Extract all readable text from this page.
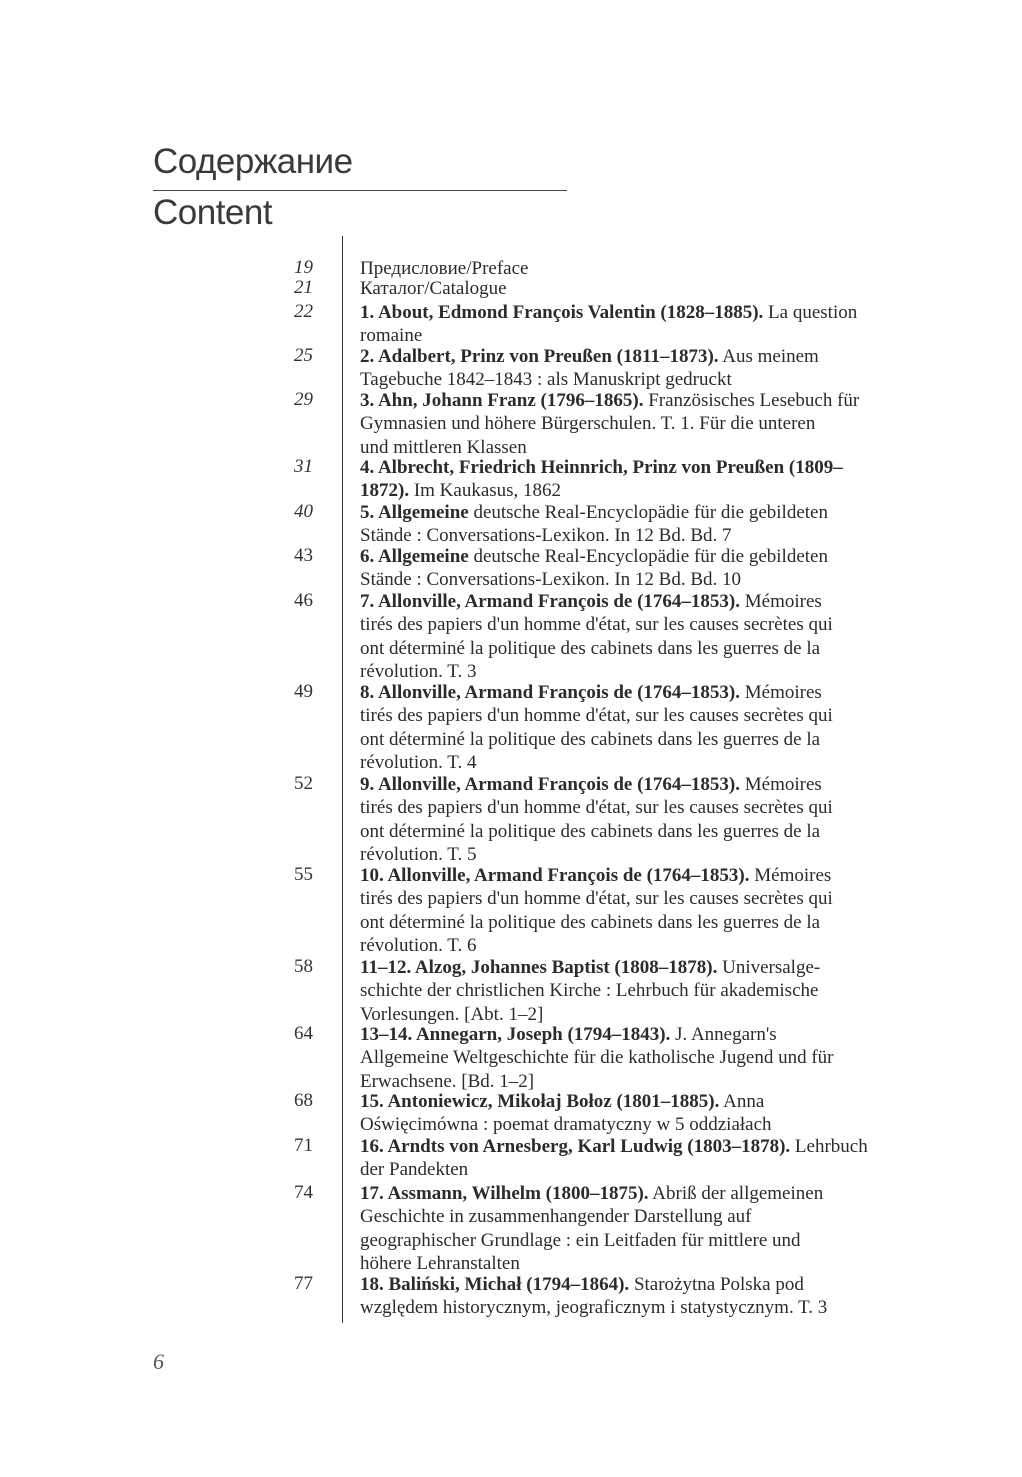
Содержание
Content
19	Предисловие/Preface
21	Каталог/Catalogue
22	1. About, Edmond François Valentin (1828–1885). La question
romaine
25	2. Adalbert, Prinz von Preußen (1811–1873). Aus meinem
Tagebuche 1842–1843 : als Manuskript gedruckt
29	3. Ahn, Johann Franz (1796–1865). Französisches Lesebuch für
Gymnasien und höhere Bürgerschulen. T. 1. Für die unteren
und mittleren Klassen
31	4. Albrecht, Friedrich Heinnrich, Prinz von Preußen (1809–
1872). Im Kaukasus, 1862
40	5. Allgemeine deutsche Real-Encyclopädie für die gebildeten
Stände : Conversations-Lexikon. In 12 Bd. Bd. 7
43	6. Allgemeine deutsche Real-Encyclopädie für die gebildeten
Stände : Conversations-Lexikon. In 12 Bd. Bd. 10
46	7. Allonville, Armand François de (1764–1853). Mémoires
tirés des papiers d'un homme d'état, sur les causes secrètes qui
ont déterminé la politique des cabinets dans les guerres de la
révolution. T. 3
49	8. Allonville, Armand François de (1764–1853). Mémoires
tirés des papiers d'un homme d'état, sur les causes secrètes qui
ont déterminé la politique des cabinets dans les guerres de la
révolution. T. 4
52	9. Allonville, Armand François de (1764–1853). Mémoires
tirés des papiers d'un homme d'état, sur les causes secrètes qui
ont déterminé la politique des cabinets dans les guerres de la
révolution. T. 5
55	10. Allonville, Armand François de (1764–1853). Mémoires
tirés des papiers d'un homme d'état, sur les causes secrètes qui
ont déterminé la politique des cabinets dans les guerres de la
révolution. T. 6
58	11–12. Alzog, Johannes Baptist (1808–1878). Universalge-
schichte der christlichen Kirche : Lehrbuch für akademische
Vorlesungen. [Abt. 1–2]
64	13–14. Annegarn, Joseph (1794–1843). J. Annegarn's
Allgemeine Weltgeschichte für die katholische Jugend und für
Erwachsene. [Bd. 1–2]
68	15. Antoniewicz, Mikołaj Bołoz (1801–1885). Anna
Oświęcimówna : poemat dramatyczny w 5 oddziałach
71	16. Arndts von Arnesberg, Karl Ludwig (1803–1878). Lehrbuch
der Pandekten
74	17. Assmann, Wilhelm (1800–1875). Abriß der allgemeinen
Geschichte in zusammenhangender Darstellung auf
geographischer Grundlage : ein Leitfaden für mittlere und
höhere Lehranstalten
77	18. Baliński, Michał (1794–1864). Starożytna Polska pod
względem historycznym, jeograficznym i statystycznym. T. 3
6
